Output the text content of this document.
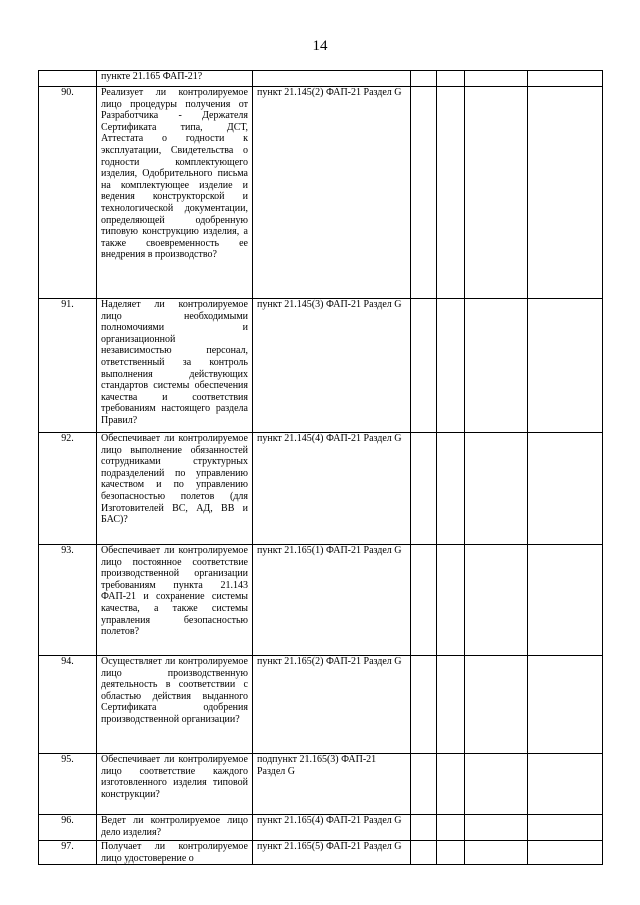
14
	пункте 21.165 ФАП-21?					
90.	Реализует ли контролируемое лицо процедуры получения от Разработчика - Держателя Сертификата типа, ДСТ, Аттестата о годности к эксплуатации, Свидетельства о годности комплектующего изделия, Одобрительного письма на комплектующее изделие и ведения конструкторской и технологической документации, определяющей одобренную типовую конструкцию изделия, а также своевременность ее внедрения в производство?	пункт 21.145(2) ФАП-21 Раздел G				
91.	Наделяет ли контролируемое лицо необходимыми полномочиями и организационной независимостью персонал, ответственный за контроль выполнения действующих стандартов системы обеспечения качества и соответствия требованиям настоящего раздела Правил?	пункт 21.145(3) ФАП-21 Раздел G				
92.	Обеспечивает ли контролируемое лицо выполнение обязанностей сотрудниками структурных подразделений по управлению качеством и по управлению безопасностью полетов (для Изготовителей ВС, АД, ВВ и БАС)?	пункт 21.145(4) ФАП-21 Раздел G				
93.	Обеспечивает ли контролируемое лицо постоянное соответствие производственной организации требованиям пункта 21.143 ФАП-21 и сохранение системы качества, а также системы управления безопасностью полетов?	пункт 21.165(1) ФАП-21 Раздел G				
94.	Осуществляет ли контролируемое лицо производственную деятельность в соответствии с областью действия выданного Сертификата одобрения производственной организации?	пункт 21.165(2) ФАП-21 Раздел G				
95.	Обеспечивает ли контролируемое лицо соответствие каждого изготовленного изделия типовой конструкции?	подпункт 21.165(3) ФАП-21 Раздел G				
96.	Ведет ли контролируемое лицо дело изделия?	пункт 21.165(4) ФАП-21 Раздел G				
97.	Получает ли контролируемое лицо удостоверение о	пункт 21.165(5) ФАП-21 Раздел G				
